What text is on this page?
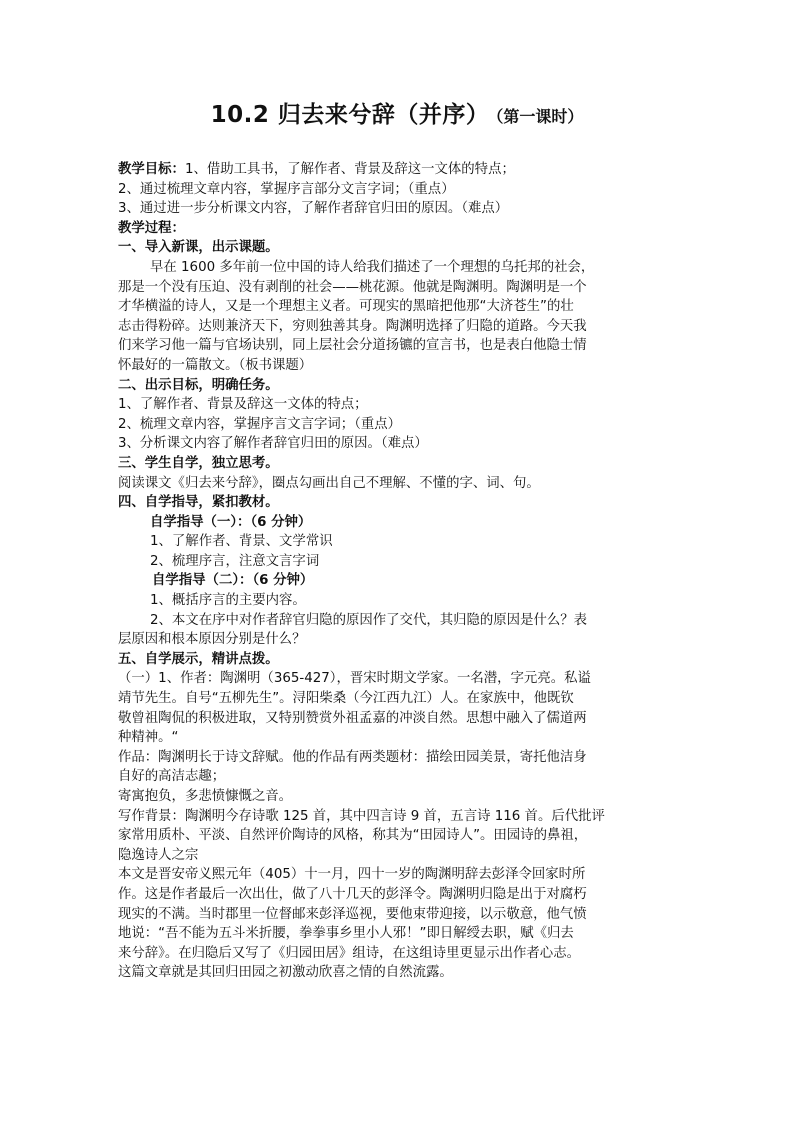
10.2 归去来兮辞（并序） （第一课时）
教学目标：1、借助工具书，了解作者、背景及辞这一文体的特点；
2、通过梳理文章内容，掌握序言部分文言字词；（重点）
3、通过进一步分析课文内容，了解作者辞官归田的原因。（难点）
教学过程：
一、导入新课，出示课题。
早在 1600 多年前一位中国的诗人给我们描述了一个理想的乌托邦的社会，
那是一个没有压迫、没有剥削的社会——桃花源。他就是陶渊明。陶渊明是一个
才华横溢的诗人，又是一个理想主义者。可现实的黑暗把他那“大济苍生”的壮
志击得粉碎。达则兼济天下，穷则独善其身。陶渊明选择了归隐的道路。今天我
们来学习他一篇与官场诀别，同上层社会分道扬镳的宣言书，也是表白他隐士情
怀最好的一篇散文。（板书课题）
二、出示目标，明确任务。
1、了解作者、背景及辞这一文体的特点；
2、梳理文章内容，掌握序言文言字词；（重点）
3、分析课文内容了解作者辞官归田的原因。（难点）
三、学生自学，独立思考。
阅读课文《归去来兮辞》，圈点勾画出自己不理解、不懂的字、词、句。
四、自学指导，紧扣教材。
自学指导（一）：（6 分钟）
1、了解作者、背景、文学常识
2、梳理序言，注意文言字词
自学指导（二）：（6 分钟）
1、概括序言的主要内容。
2、本文在序中对作者辞官归隐的原因作了交代，其归隐的原因是什么？表
层原因和根本原因分别是什么？
五、自学展示，精讲点拨。
（一）1、作者：陶渊明（365-427），晋宋时期文学家。一名潜，字元亮。私谥
靖节先生。自号“五柳先生”。浔阳柴桑（今江西九江）人。在家族中，他既钦
敬曾祖陶侃的积极进取，又特别赞赏外祖孟嘉的冲淡自然。思想中融入了儒道两
种精神。“
作品：陶渊明长于诗文辞赋。他的作品有两类题材：描绘田园美景，寄托他洁身
自好的高洁志趣；
寄寓抱负，多悲愤慷慨之音。
写作背景：陶渊明今存诗歌 125 首，其中四言诗 9 首，五言诗 116 首。后代批评
家常用质朴、平淡、自然评价陶诗的风格，称其为“田园诗人”。田园诗的鼻祖，
隐逸诗人之宗
本文是晋安帝义熙元年（405）十一月，四十一岁的陶渊明辞去彭泽令回家时所
作。这是作者最后一次出仕，做了八十几天的彭泽令。陶渊明归隐是出于对腐朽
现实的不满。当时郡里一位督邮来彭泽巡视，要他束带迎接，以示敬意，他气愤
地说：“吾不能为五斗米折腰，拳拳事乡里小人邪！”即日解绶去职，赋《归去
来兮辞》。在归隐后又写了《归园田居》组诗，在这组诗里更显示出作者心志。
这篇文章就是其回归田园之初激动欣喜之情的自然流露。
